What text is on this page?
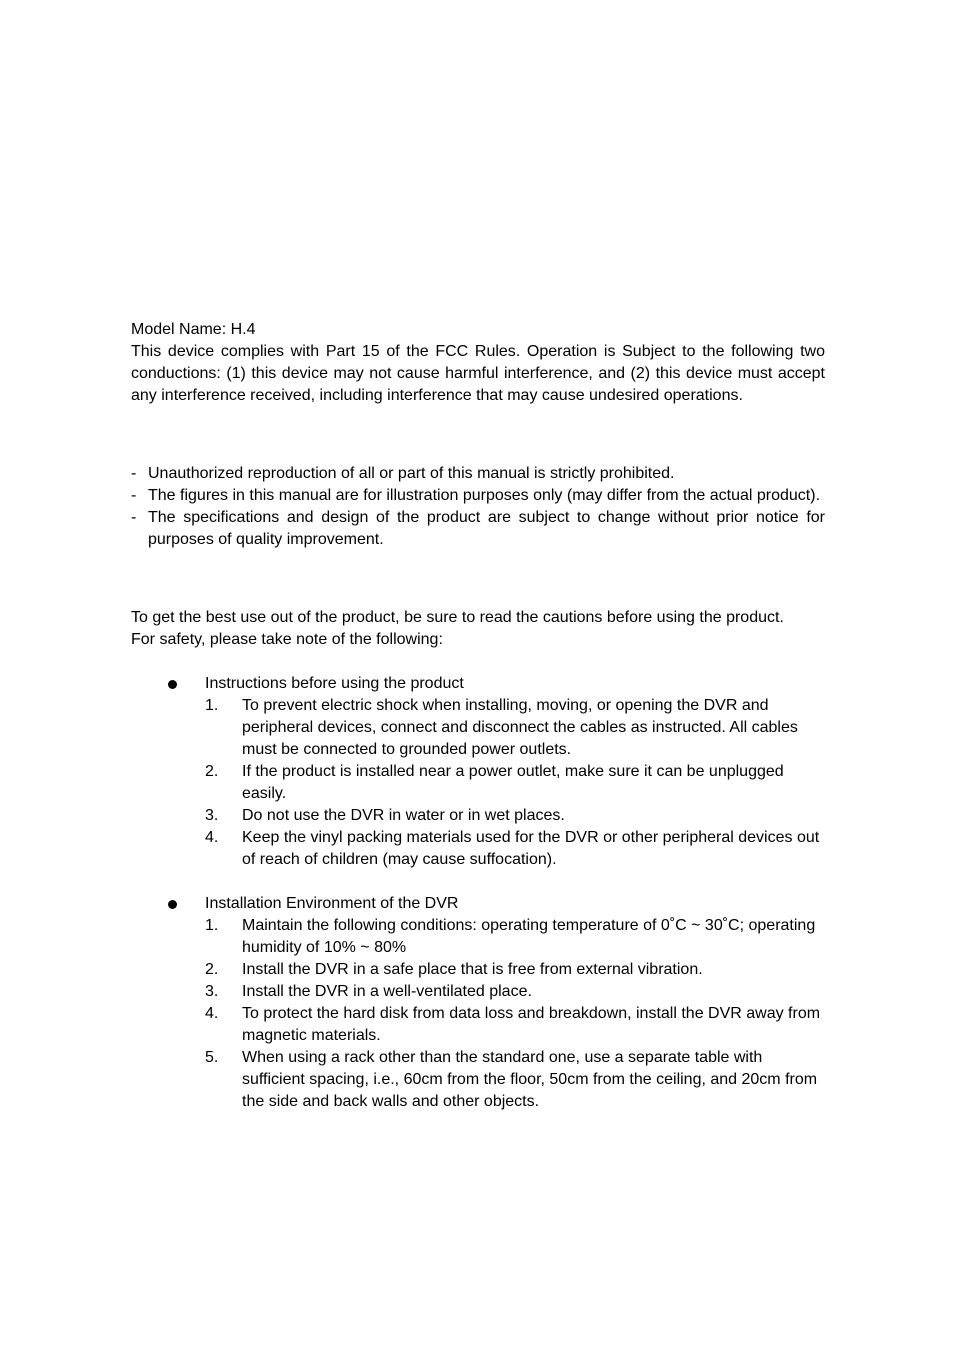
Model Name: H.4

This device complies with Part 15 of the FCC Rules. Operation is Subject to the following two conductions: (1) this device may not cause harmful interference, and (2) this device must accept any interference received, including interference that may cause undesired operations.

- Unauthorized reproduction of all or part of this manual is strictly prohibited.
- The figures in this manual are for illustration purposes only (may differ from the actual product).
- The specifications and design of the product are subject to change without prior notice for purposes of quality improvement.

To get the best use out of the product, be sure to read the cautions before using the product.

For safety, please take note of the following:

Instructions before using the product

1. To prevent electric shock when installing, moving, or opening the DVR and peripheral devices, connect and disconnect the cables as instructed. All cables must be connected to grounded power outlets.
2. If the product is installed near a power outlet, make sure it can be unplugged easily.
3. Do not use the DVR in water or in wet places.
4. Keep the vinyl packing materials used for the DVR or other peripheral devices out of reach of children (may cause suffocation).

Installation Environment of the DVR

1. Maintain the following conditions: operating temperature of 0˚C ~ 30˚C; operating humidity of 10% ~ 80%
2. Install the DVR in a safe place that is free from external vibration.
3. Install the DVR in a well-ventilated place.
4. To protect the hard disk from data loss and breakdown, install the DVR away from magnetic materials.
5. When using a rack other than the standard one, use a separate table with sufficient spacing, i.e., 60cm from the floor, 50cm from the ceiling, and 20cm from the side and back walls and other objects.
